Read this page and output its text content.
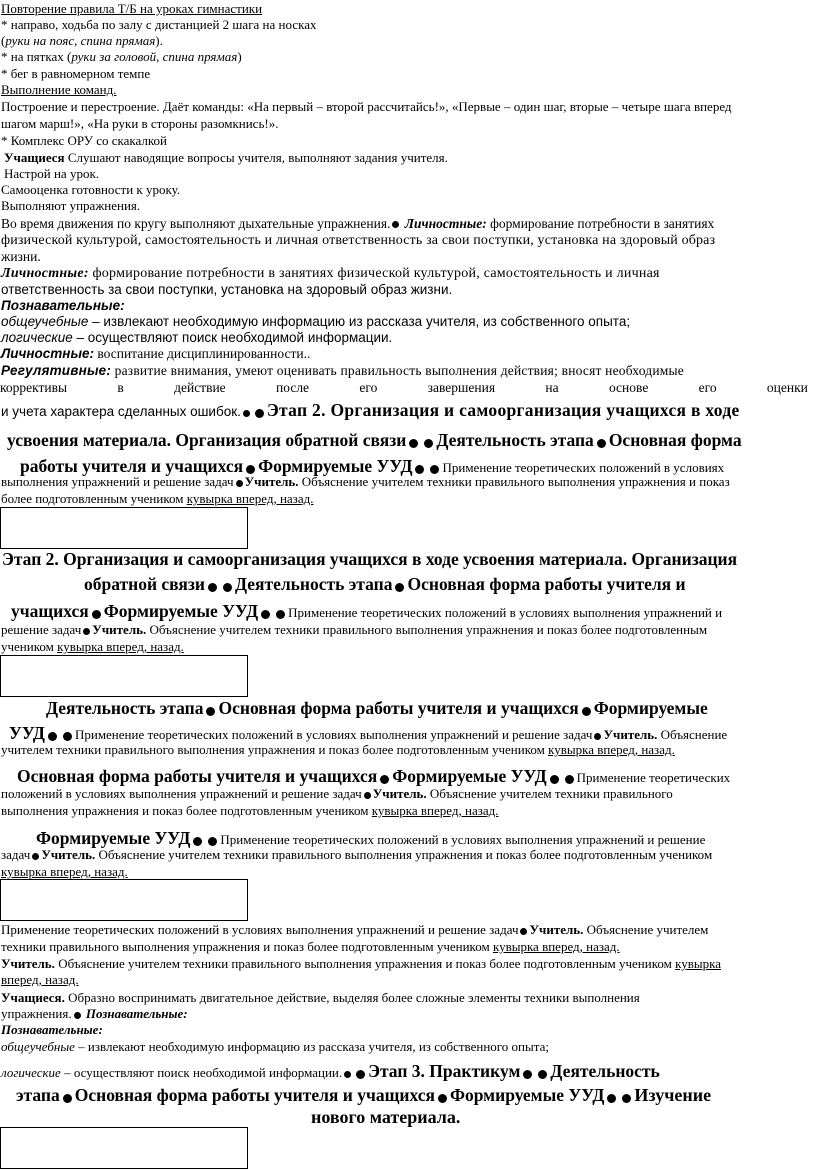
Повторение правила Т/Б на уроках гимнастики
* направо, ходьба по залу с дистанцией 2 шага на носках
(руки на пояс, спина прямая).
* на пятках (руки за головой, спина прямая)
* бег в равномерном темпе
Выполнение команд.
Построение и перестроение. Даёт команды: «На первый – второй рассчитайсь!», «Первые – один шаг, вторые – четыре шага вперед
шагом марш!», «На руки в стороны разомкнись!».
* Комплекс ОРУ со скакалкой
Учащиеся Слушают наводящие вопросы учителя, выполняют задания учителя.
Настрой на урок.
Самооценка готовности к уроку.
Выполняют упражнения.
Во время движения по кругу выполняют дыхательные упражнения. Личностные: формирование потребности в занятиях
физической культурой, самостоятельность и личная ответственность за свои поступки, установка на здоровый образ
жизни.
Личностные: формирование потребности в занятиях физической культурой, самостоятельность и личная
ответственность за свои поступки, установка на здоровый образ жизни.
Познавательные:
общеучебные – извлекают необходимую информацию из рассказа учителя, из собственного опыта;
логические – осуществляют поиск необходимой информации.
Личностные: воспитание дисциплинированности..
Регулятивные: развитие внимания, умеют оценивать правильность выполнения действия; вносят необходимые
коррективы	в	действие	после	его	завершения	на	основе	его	оценки
и учета характера сделанных ошибок. Этап 2. Организация и самоорганизация учащихся в ходе
усвоения материала. Организация обратной связи Деятельность этапа Основная форма
работы учителя и учащихся Формируемые УУД Применение теоретических положений в условиях
выполнения упражнений и решение задач Учитель. Объяснение учителем техники правильного выполнения упражнения и показ
более подготовленным учеником кувырка вперед, назад.
Этап 2. Организация и самоорганизация учащихся в ходе усвоения материала. Организация
обратной связи Деятельность этапа Основная форма работы учителя и
учащихся Формируемые УУД Применение теоретических положений в условиях выполнения упражнений и
решение задач Учитель. Объяснение учителем техники правильного выполнения упражнения и показ более подготовленным
учеником кувырка вперед, назад.
Деятельность этапа Основная форма работы учителя и учащихся Формируемые
УУД Применение теоретических положений в условиях выполнения упражнений и решение задач Учитель. Объяснение
учителем техники правильного выполнения упражнения и показ более подготовленным учеником кувырка вперед, назад.
Основная форма работы учителя и учащихся Формируемые УУД Применение теоретических
положений в условиях выполнения упражнений и решение задач Учитель. Объяснение учителем техники правильного
выполнения упражнения и показ более подготовленным учеником кувырка вперед, назад.
Формируемые УУД Применение теоретических положений в условиях выполнения упражнений и решение
задач Учитель. Объяснение учителем техники правильного выполнения упражнения и показ более подготовленным учеником
кувырка вперед, назад.
Применение теоретических положений в условиях выполнения упражнений и решение задач Учитель. Объяснение учителем
техники правильного выполнения упражнения и показ более подготовленным учеником кувырка вперед, назад.
Учитель. Объяснение учителем техники правильного выполнения упражнения и показ более подготовленным учеником кувырка
вперед, назад.
Учащиеся. Образно воспринимать двигательное действие, выделяя более сложные элементы техники выполнения
упражнения. Познавательные:
Познавательные:
общеучебные – извлекают необходимую информацию из рассказа учителя, из собственного опыта;
логические – осуществляют поиск необходимой информации. Этап 3. Практикум Деятельность
этапа Основная форма работы учителя и учащихся Формируемые УУД Изучение
нового материала.
